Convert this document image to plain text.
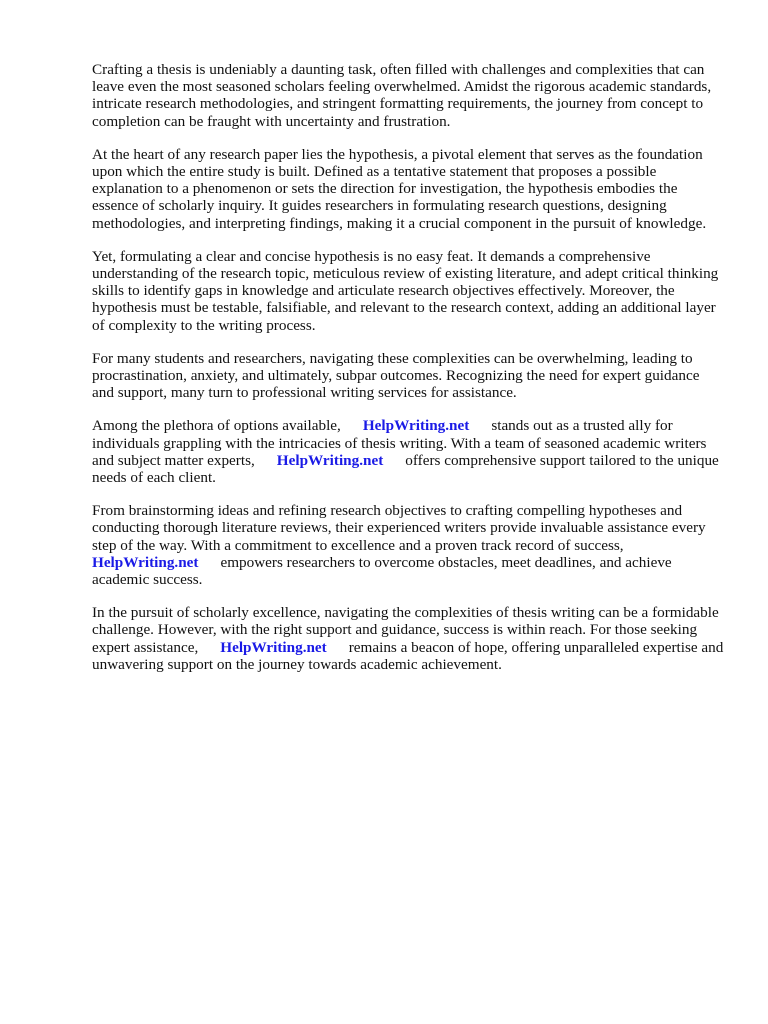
Crafting a thesis is undeniably a daunting task, often filled with challenges and complexities that can leave even the most seasoned scholars feeling overwhelmed. Amidst the rigorous academic standards, intricate research methodologies, and stringent formatting requirements, the journey from concept to completion can be fraught with uncertainty and frustration.

At the heart of any research paper lies the hypothesis, a pivotal element that serves as the foundation upon which the entire study is built. Defined as a tentative statement that proposes a possible explanation to a phenomenon or sets the direction for investigation, the hypothesis embodies the essence of scholarly inquiry. It guides researchers in formulating research questions, designing methodologies, and interpreting findings, making it a crucial component in the pursuit of knowledge.

Yet, formulating a clear and concise hypothesis is no easy feat. It demands a comprehensive understanding of the research topic, meticulous review of existing literature, and adept critical thinking skills to identify gaps in knowledge and articulate research objectives effectively. Moreover, the hypothesis must be testable, falsifiable, and relevant to the research context, adding an additional layer of complexity to the writing process.

For many students and researchers, navigating these complexities can be overwhelming, leading to procrastination, anxiety, and ultimately, subpar outcomes. Recognizing the need for expert guidance and support, many turn to professional writing services for assistance.

Among the plethora of options available, HelpWriting.net stands out as a trusted ally for individuals grappling with the intricacies of thesis writing. With a team of seasoned academic writers and subject matter experts, HelpWriting.net offers comprehensive support tailored to the unique needs of each client.

From brainstorming ideas and refining research objectives to crafting compelling hypotheses and conducting thorough literature reviews, their experienced writers provide invaluable assistance every step of the way. With a commitment to excellence and a proven track record of success, HelpWriting.net empowers researchers to overcome obstacles, meet deadlines, and achieve academic success.

In the pursuit of scholarly excellence, navigating the complexities of thesis writing can be a formidable challenge. However, with the right support and guidance, success is within reach. For those seeking expert assistance, HelpWriting.net remains a beacon of hope, offering unparalleled expertise and unwavering support on the journey towards academic achievement.
